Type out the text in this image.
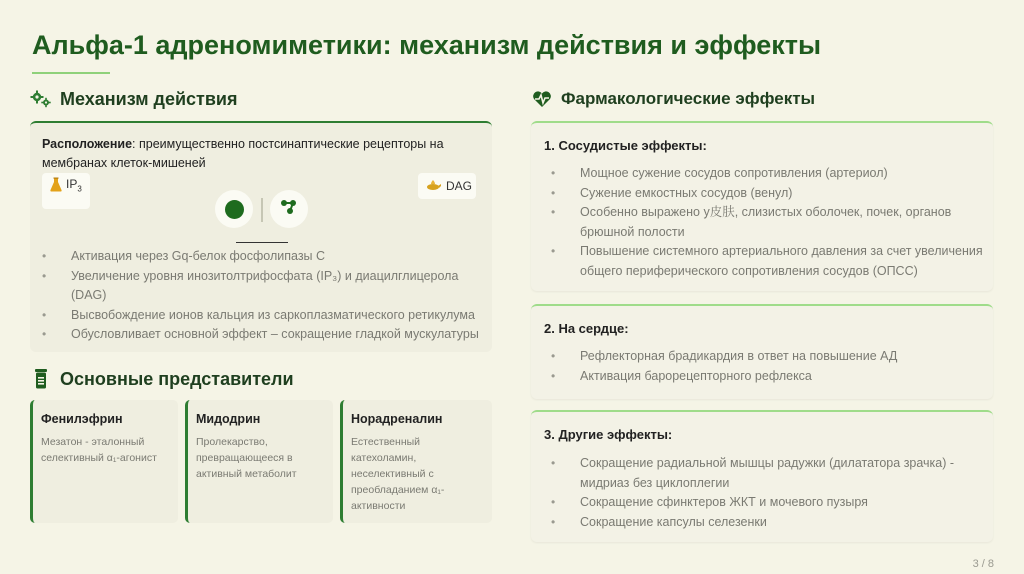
Альфа-1 адреномиметики: механизм действия и эффекты
Механизм действия
Расположение: преимущественно постсинаптические рецепторы на мембранах клеток-мишеней
$IP_3$	DAG
• Активация через Gq-белок фосфолипазы С
• Увеличение уровня инозитолтрифосфата (IP₃) и диацилглицерола (DAG)
• Высвобождение ионов кальция из саркоплазматического ретикулума
• Обусловливает основной эффект – сокращение гладкой мускулатуры
Основные представители
Фенилэфрин
Мезатон - эталонный селективный α₁-агонист
Мидодрин
Пролекарство, превращающееся в активный метаболит
Норадреналин
Естественный катехоламин, неселективный с преобладанием α₁-активности
Фармакологические эффекты
1. Сосудистые эффекты:
• Мощное сужение сосудов сопротивления (артериол)
• Сужение емкостных сосудов (венул)
• Особенно выражено у皮肤, слизистых оболочек, почек, органов брюшной полости
• Повышение системного артериального давления за счет увеличения общего периферического сопротивления сосудов (ОПСС)
2. На сердце:
• Рефлекторная брадикардия в ответ на повышение АД
• Активация барорецепторного рефлекса
3. Другие эффекты:
• Сокращение радиальной мышцы радужки (дилататора зрачка) - мидриаз без циклоплегии
• Сокращение сфинктеров ЖКТ и мочевого пузыря
• Сокращение капсулы селезенки
3 / 8
